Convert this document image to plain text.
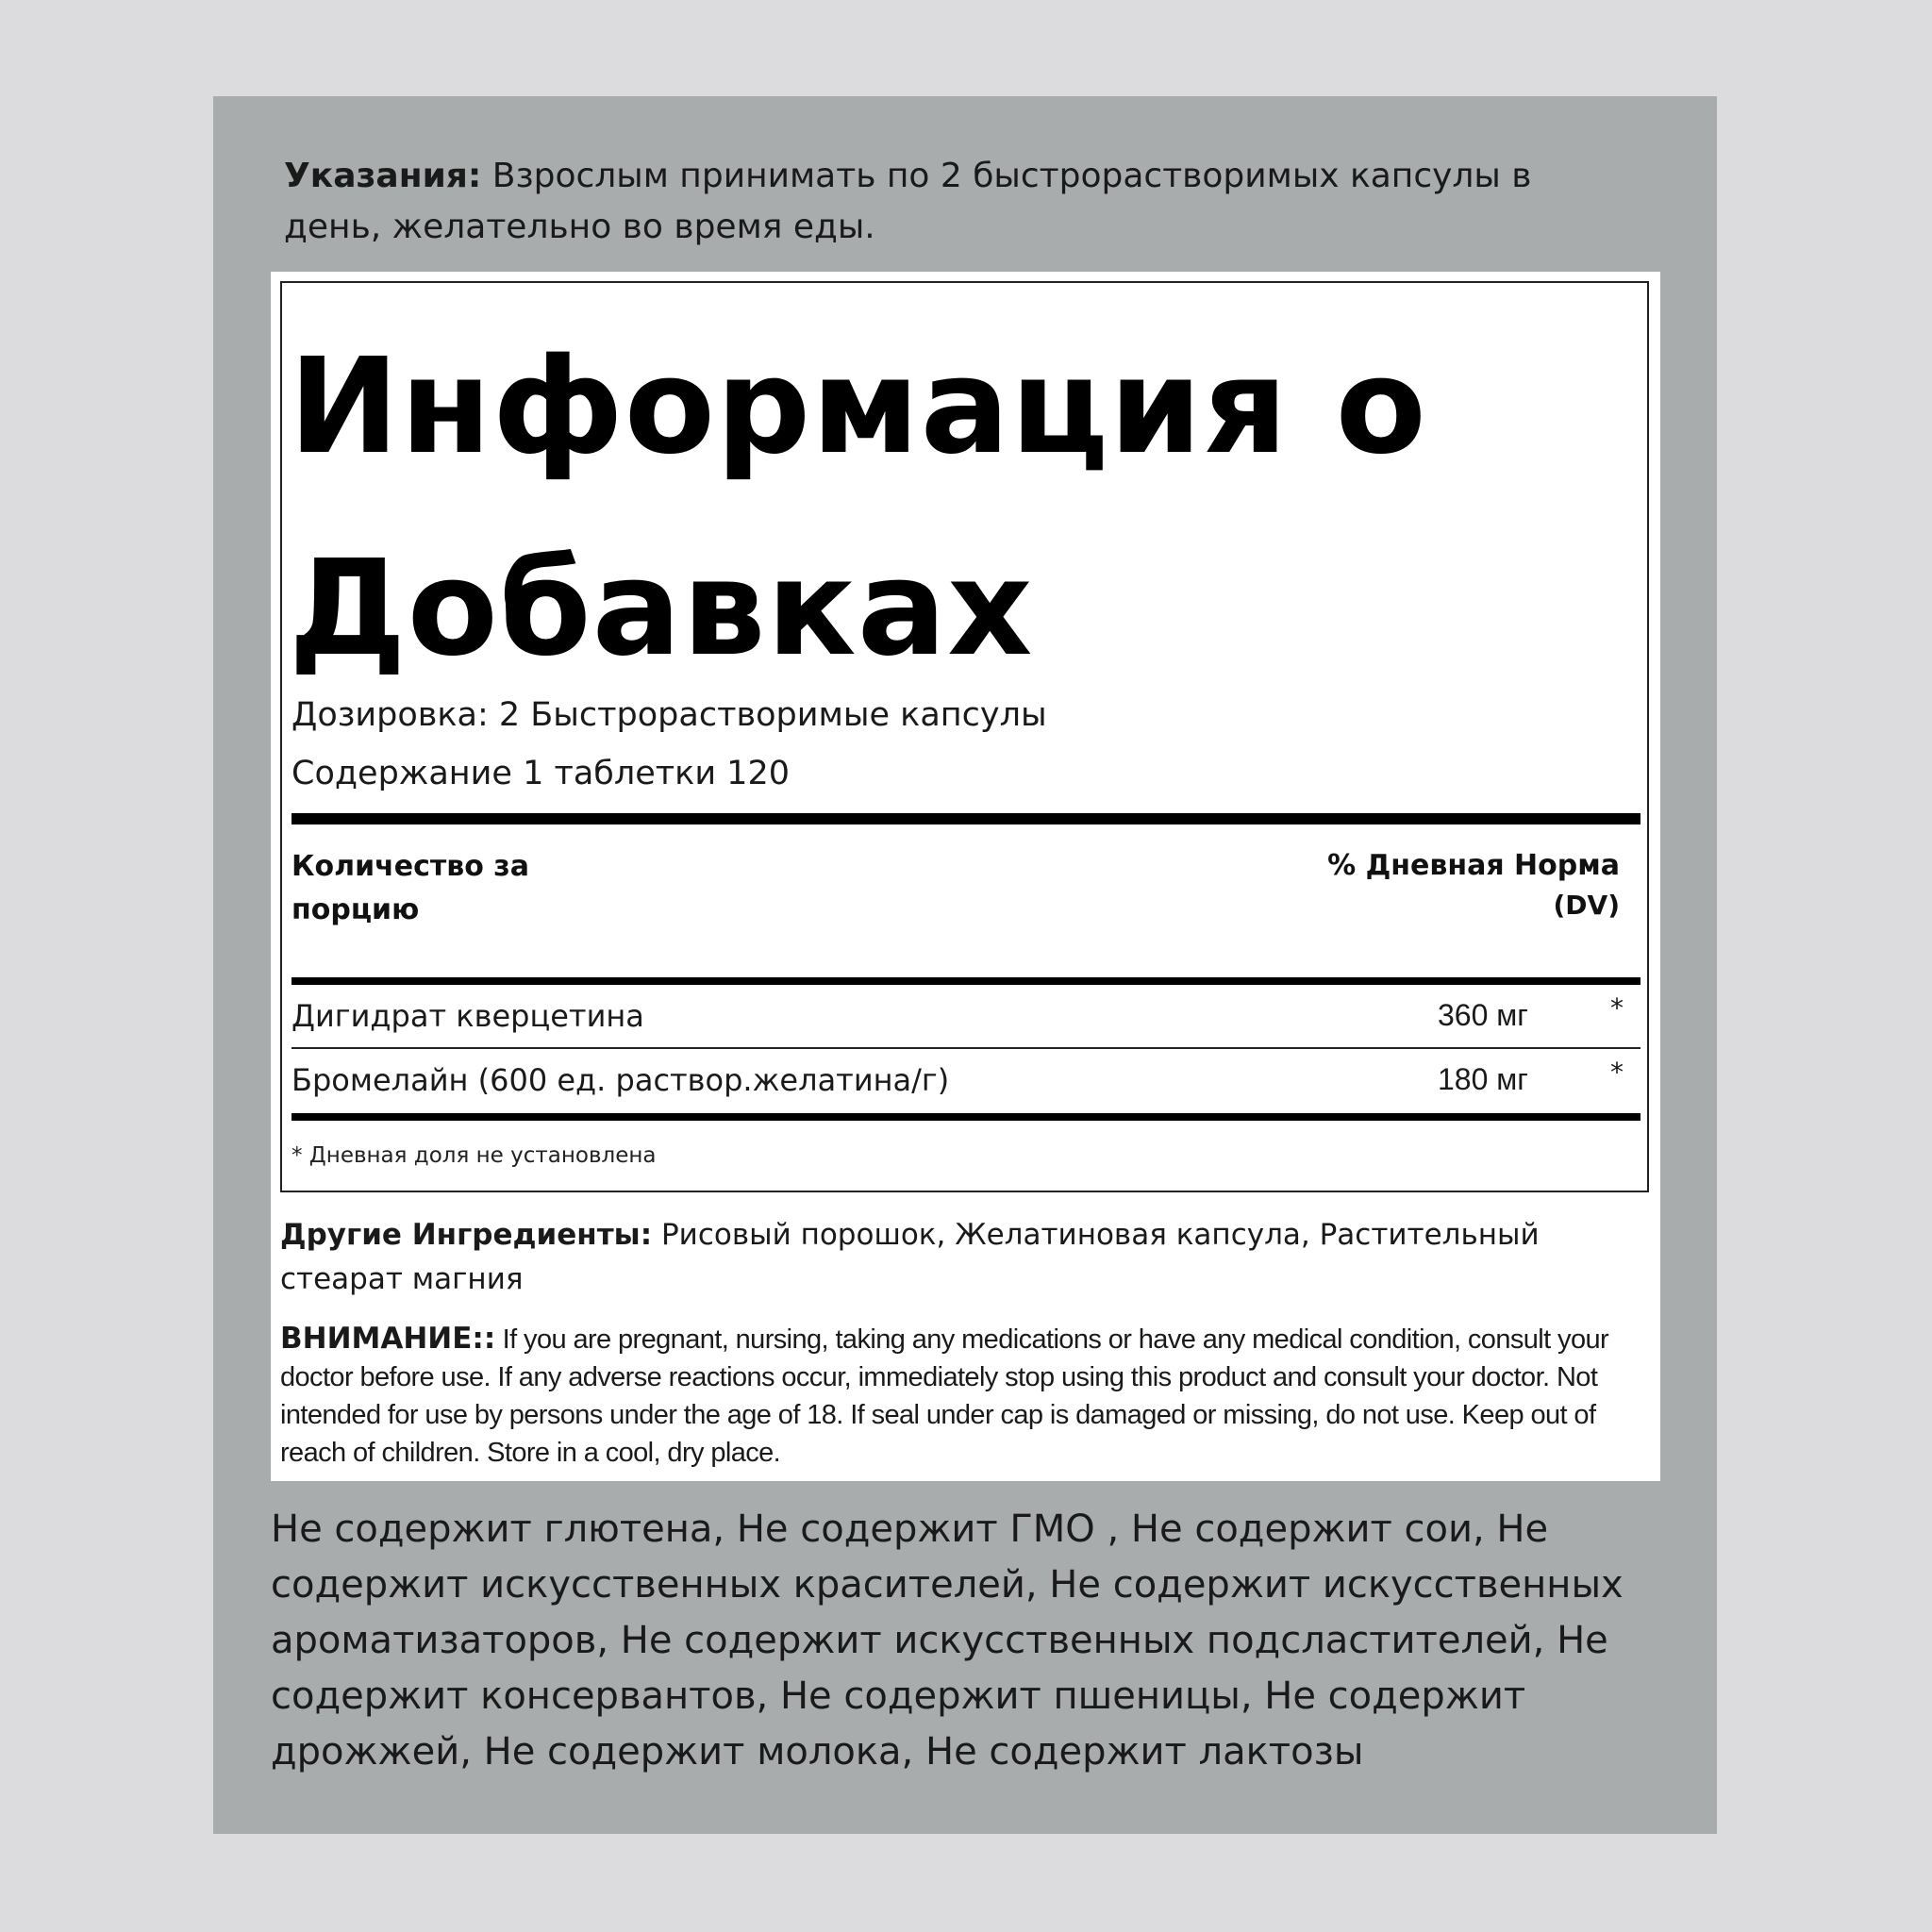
Указания: Взрослым принимать по 2 быстрорастворимых капсулы в день, желательно во время еды.
Информация о Добавках
Дозировка: 2 Быстрорастворимые капсулы
Содержание 1 таблетки 120
Количество за порцию
% Дневная Норма
(DV)
Дигидрат кверцетина	360 мг	*
Бромелайн (600 ед. раствор.желатина/г)	180 мг	*
* Дневная доля не установлена
Другие Ингредиенты: Рисовый порошок, Желатиновая капсула, Растительный стеарат магния
ВНИМАНИЕ:: If you are pregnant, nursing, taking any medications or have any medical condition, consult your doctor before use. If any adverse reactions occur, immediately stop using this product and consult your doctor. Not intended for use by persons under the age of 18. If seal under cap is damaged or missing, do not use. Keep out of reach of children. Store in a cool, dry place.
Не содержит глютена, Не содержит ГМО , Не содержит сои, Не содержит искусственных красителей, Не содержит искусственных ароматизаторов, Не содержит искусственных подсластителей, Не содержит консервантов, Не содержит пшеницы, Не содержит дрожжей, Не содержит молока, Не содержит лактозы
